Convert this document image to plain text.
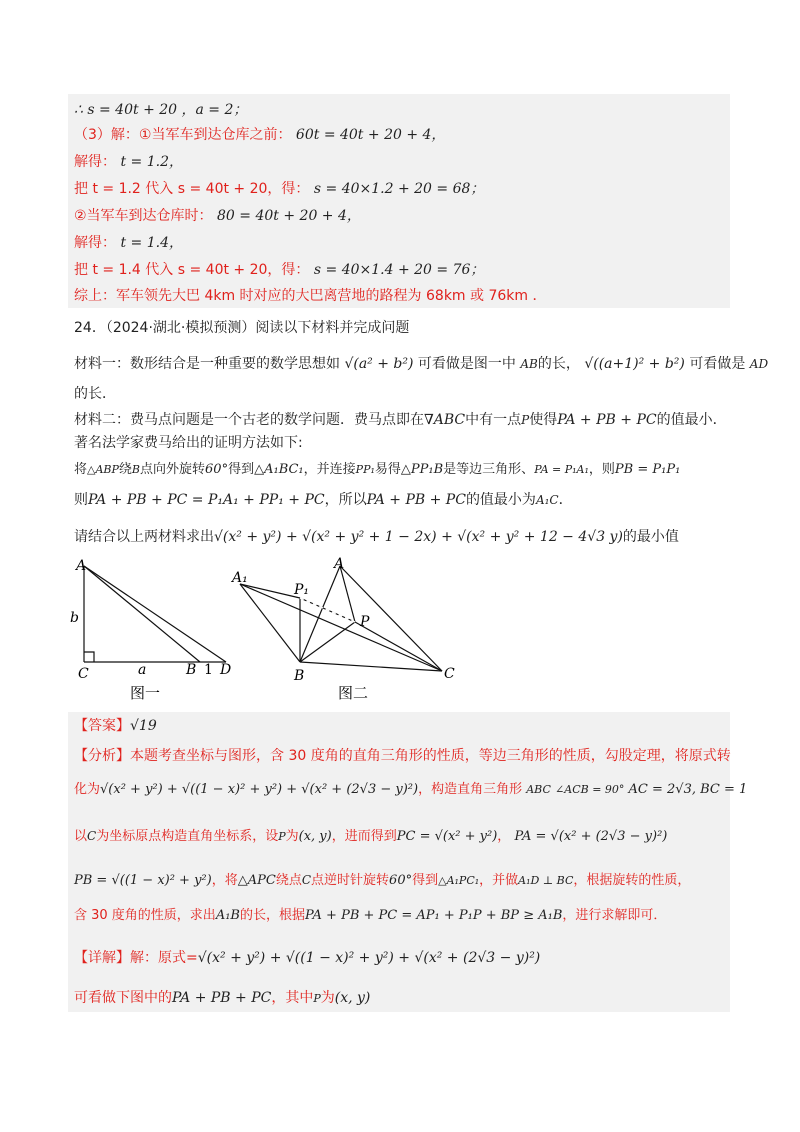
∴ s = 40t + 20 ，a = 2；
（3）解：①当军车到达仓库之前： 60t = 40t + 20 + 4，
解得： t = 1.2，
把 t = 1.2 代入 s = 40t + 20，得： s = 40×1.2 + 20 = 68；
②当军车到达仓库时： 80 = 40t + 20 + 4，
解得： t = 1.4，
把 t = 1.4 代入 s = 40t + 20，得： s = 40×1.4 + 20 = 76；
综上：军车领先大巴 4km 时对应的大巴离营地的路程为 68km 或 76km ．
24．（2024·湖北·模拟预测）阅读以下材料并完成问题
材料一：数形结合是一种重要的数学思想如 √(a² + b²) 可看做是图一中 AB的长， √((a+1)² + b²) 可看做是 AD
的长．
材料二：费马点问题是一个古老的数学问题．费马点即在∇ABC中有一点P使得PA + PB + PC的值最小．
著名法学家费马给出的证明方法如下:
将△ABP绕B点向外旋转60°得到△A₁BC₁，并连接PP₁易得△PP₁B是等边三角形、PA = P₁A₁，则PB = P₁P₁
则PA + PB + PC = P₁A₁ + PP₁ + PC，所以PA + PB + PC的值最小为A₁C．
请结合以上两材料求出√(x² + y²) + √(x² + y² + 1 − 2x) + √(x² + y² + 12 − 4√3 y)的最小值
A
b
C	a	B 1 D
图一
A₁
P₁
A
P
B	C
图二
【答案】√19
【分析】本题考查坐标与图形，含 30 度角的直角三角形的性质，等边三角形的性质，勾股定理，将原式转
化为√(x² + y²) + √((1 − x)² + y²) + √(x² + (2√3 − y)²)，构造直角三角形 ABC ∠ACB = 90° AC = 2√3, BC = 1
以C为坐标原点构造直角坐标系，设P为(x, y)，进而得到PC = √(x² + y²)， PA = √(x² + (2√3 − y)²)
PB = √((1 − x)² + y²)，将△APC绕点C点逆时针旋转60°得到△A₁PC₁，并做A₁D ⊥ BC，根据旋转的性质，
含 30 度角的性质，求出A₁B的长，根据PA + PB + PC = AP₁ + P₁P + BP ≥ A₁B，进行求解即可．
【详解】解：原式=√(x² + y²) + √((1 − x)² + y²) + √(x² + (2√3 − y)²)
可看做下图中的PA + PB + PC，其中P为(x, y)
